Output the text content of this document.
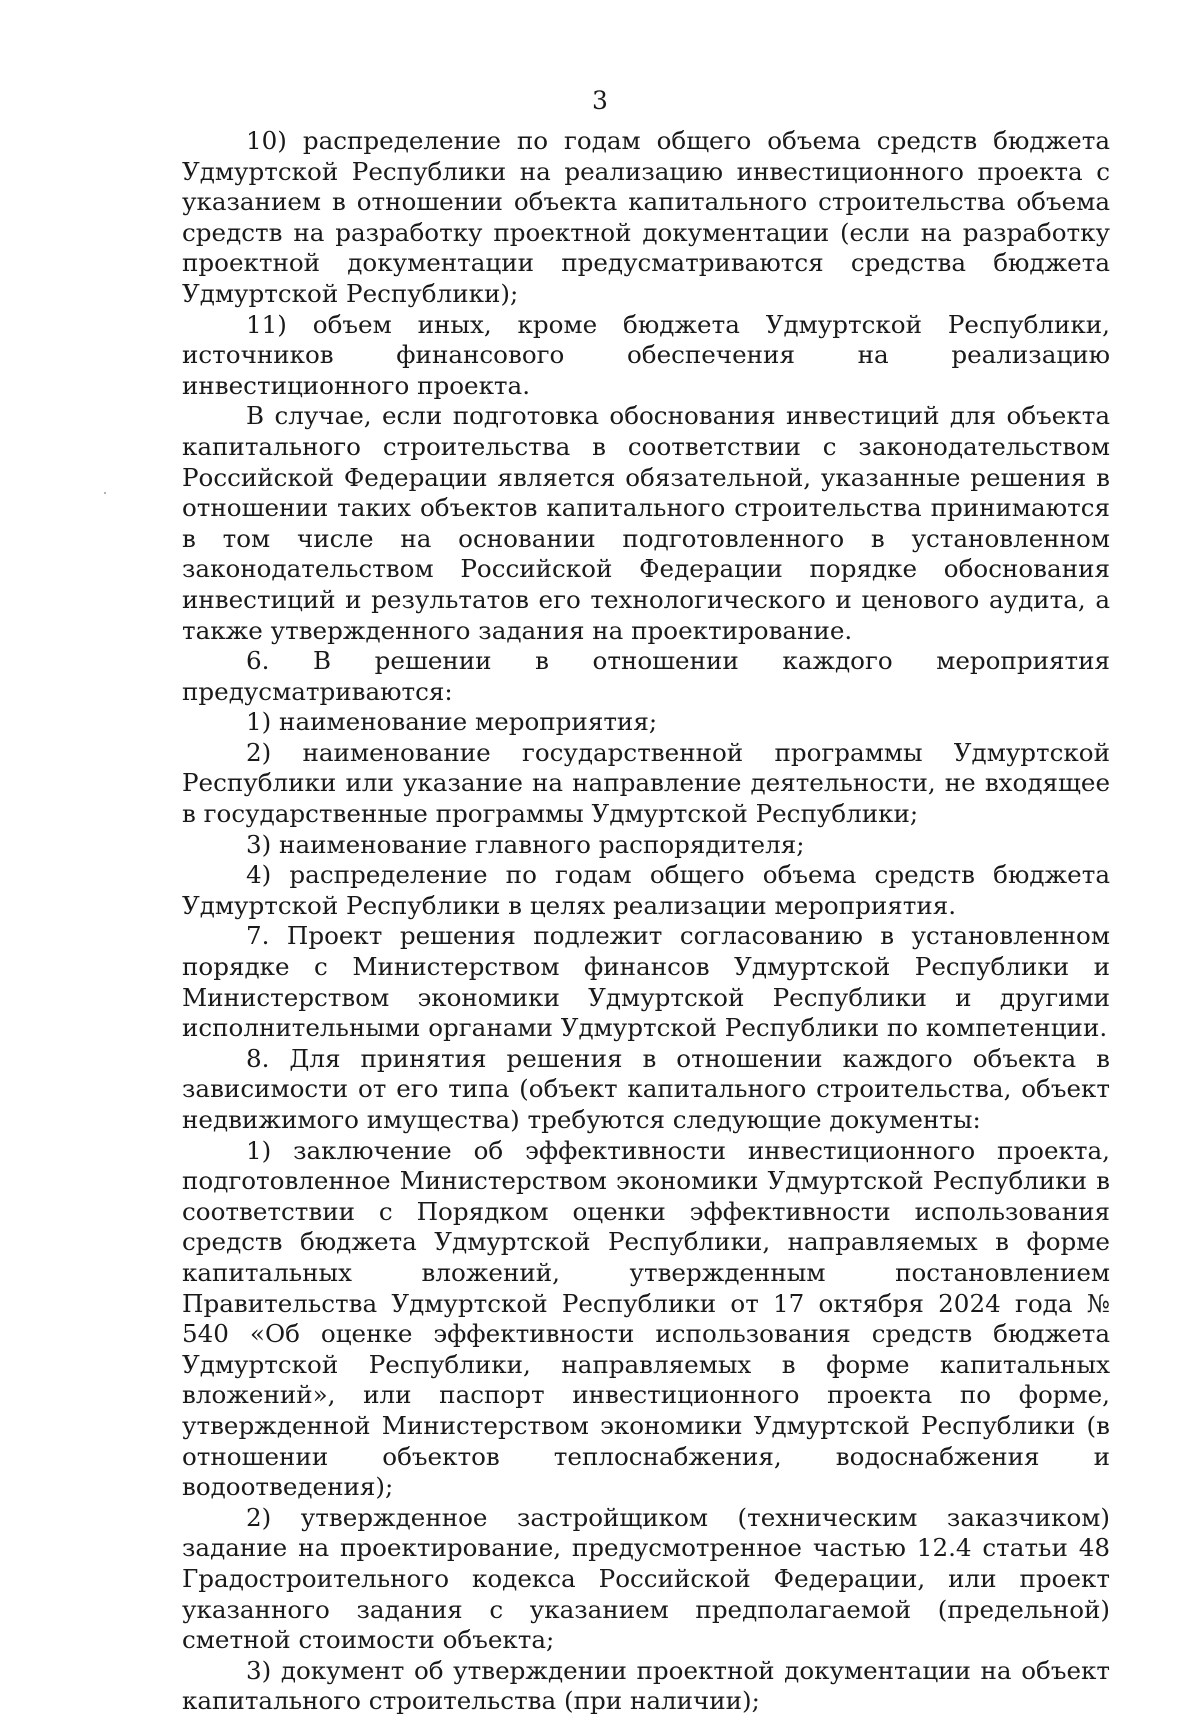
3

10) распределение по годам общего объема средств бюджета Удмуртской Республики на реализацию инвестиционного проекта с указанием в отношении объекта капитального строительства объема средств на разработку проектной документации (если на разработку проектной документации предусматриваются средства бюджета Удмуртской Республики);

11) объем иных, кроме бюджета Удмуртской Республики, источников финансового обеспечения на реализацию инвестиционного проекта.

В случае, если подготовка обоснования инвестиций для объекта капитального строительства в соответствии с законодательством Российской Федерации является обязательной, указанные решения в отношении таких объектов капитального строительства принимаются в том числе на основании подготовленного в установленном законодательством Российской Федерации порядке обоснования инвестиций и результатов его технологического и ценового аудита, а также утвержденного задания на проектирование.

6. В решении в отношении каждого мероприятия предусматриваются:

1) наименование мероприятия;

2) наименование государственной программы Удмуртской Республики или указание на направление деятельности, не входящее в государственные программы Удмуртской Республики;

3) наименование главного распорядителя;

4) распределение по годам общего объема средств бюджета Удмуртской Республики в целях реализации мероприятия.

7. Проект решения подлежит согласованию в установленном порядке с Министерством финансов Удмуртской Республики и Министерством экономики Удмуртской Республики и другими исполнительными органами Удмуртской Республики по компетенции.

8. Для принятия решения в отношении каждого объекта в зависимости от его типа (объект капитального строительства, объект недвижимого имущества) требуются следующие документы:

1) заключение об эффективности инвестиционного проекта, подготовленное Министерством экономики Удмуртской Республики в соответствии с Порядком оценки эффективности использования средств бюджета Удмуртской Республики, направляемых в форме капитальных вложений, утвержденным постановлением Правительства Удмуртской Республики от 17 октября 2024 года № 540 «Об оценке эффективности использования средств бюджета Удмуртской Республики, направляемых в форме капитальных вложений», или паспорт инвестиционного проекта по форме, утвержденной Министерством экономики Удмуртской Республики (в отношении объектов теплоснабжения, водоснабжения и водоотведения);

2) утвержденное застройщиком (техническим заказчиком) задание на проектирование, предусмотренное частью 12.4 статьи 48 Градостроительного кодекса Российской Федерации, или проект указанного задания с указанием предполагаемой (предельной) сметной стоимости объекта;

3) документ об утверждении проектной документации на объект капитального строительства (при наличии);
